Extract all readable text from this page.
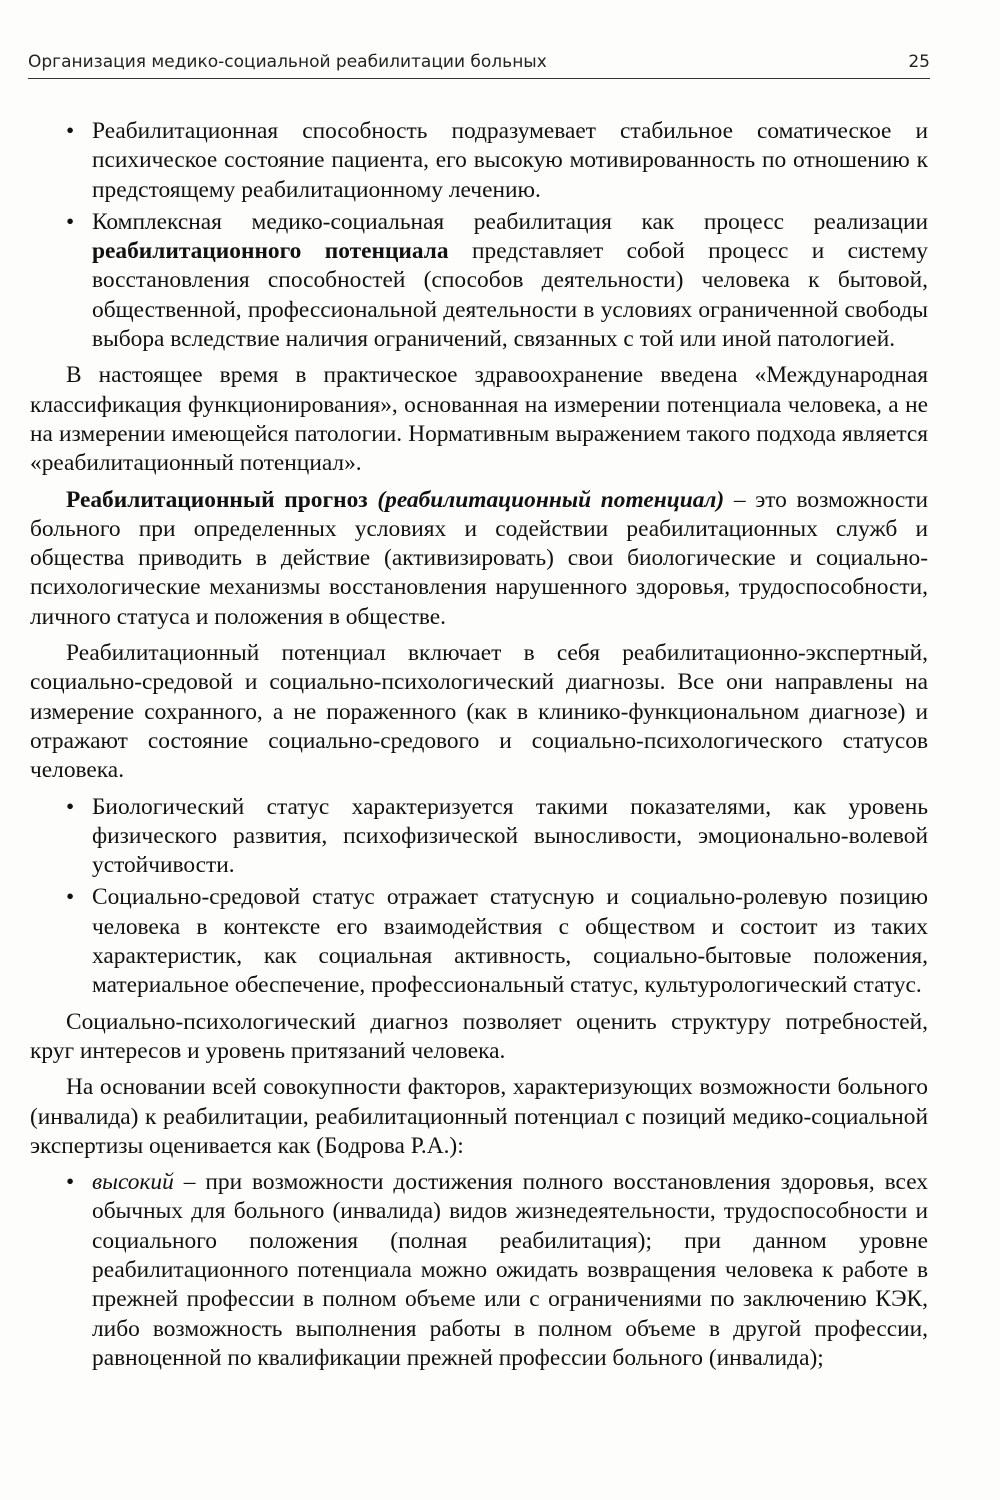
Организация медико-социальной реабилитации больных	25
• Реабилитационная способность подразумевает стабильное соматическое и психическое состояние пациента, его высокую мотивированность по отношению к предстоящему реабилитационному лечению.
• Комплексная медико-социальная реабилитация как процесс реализации реабилитационного потенциала представляет собой процесс и систему восстановления способностей (способов деятельности) человека к бытовой, общественной, профессиональной деятельности в условиях ограниченной свободы выбора вследствие наличия ограничений, связанных с той или иной патологией.

В настоящее время в практическое здравоохранение введена «Международная классификация функционирования», основанная на измерении потенциала человека, а не на измерении имеющейся патологии. Нормативным выражением такого подхода является «реабилитационный потенциал».

Реабилитационный прогноз (реабилитационный потенциал) – это возможности больного при определенных условиях и содействии реабилитационных служб и общества приводить в действие (активизировать) свои биологические и социально-психологические механизмы восстановления нарушенного здоровья, трудоспособности, личного статуса и положения в обществе.

Реабилитационный потенциал включает в себя реабилитационно-экспертный, социально-средовой и социально-психологический диагнозы. Все они направлены на измерение сохранного, а не пораженного (как в клинико-функциональном диагнозе) и отражают состояние социально-средового и социально-психологического статусов человека.

• Биологический статус характеризуется такими показателями, как уровень физического развития, психофизической выносливости, эмоционально-волевой устойчивости.
• Социально-средовой статус отражает статусную и социально-ролевую позицию человека в контексте его взаимодействия с обществом и состоит из таких характеристик, как социальная активность, социально-бытовые положения, материальное обеспечение, профессиональный статус, культурологический статус.

Социально-психологический диагноз позволяет оценить структуру потребностей, круг интересов и уровень притязаний человека.

На основании всей совокупности факторов, характеризующих возможности больного (инвалида) к реабилитации, реабилитационный потенциал с позиций медико-социальной экспертизы оценивается как (Бодрова Р.А.):

• высокий – при возможности достижения полного восстановления здоровья, всех обычных для больного (инвалида) видов жизнедеятельности, трудоспособности и социального положения (полная реабилитация); при данном уровне реабилитационного потенциала можно ожидать возвращения человека к работе в прежней профессии в полном объеме или с ограничениями по заключению КЭК, либо возможность выполнения работы в полном объеме в другой профессии, равноценной по квалификации прежней профессии больного (инвалида);
